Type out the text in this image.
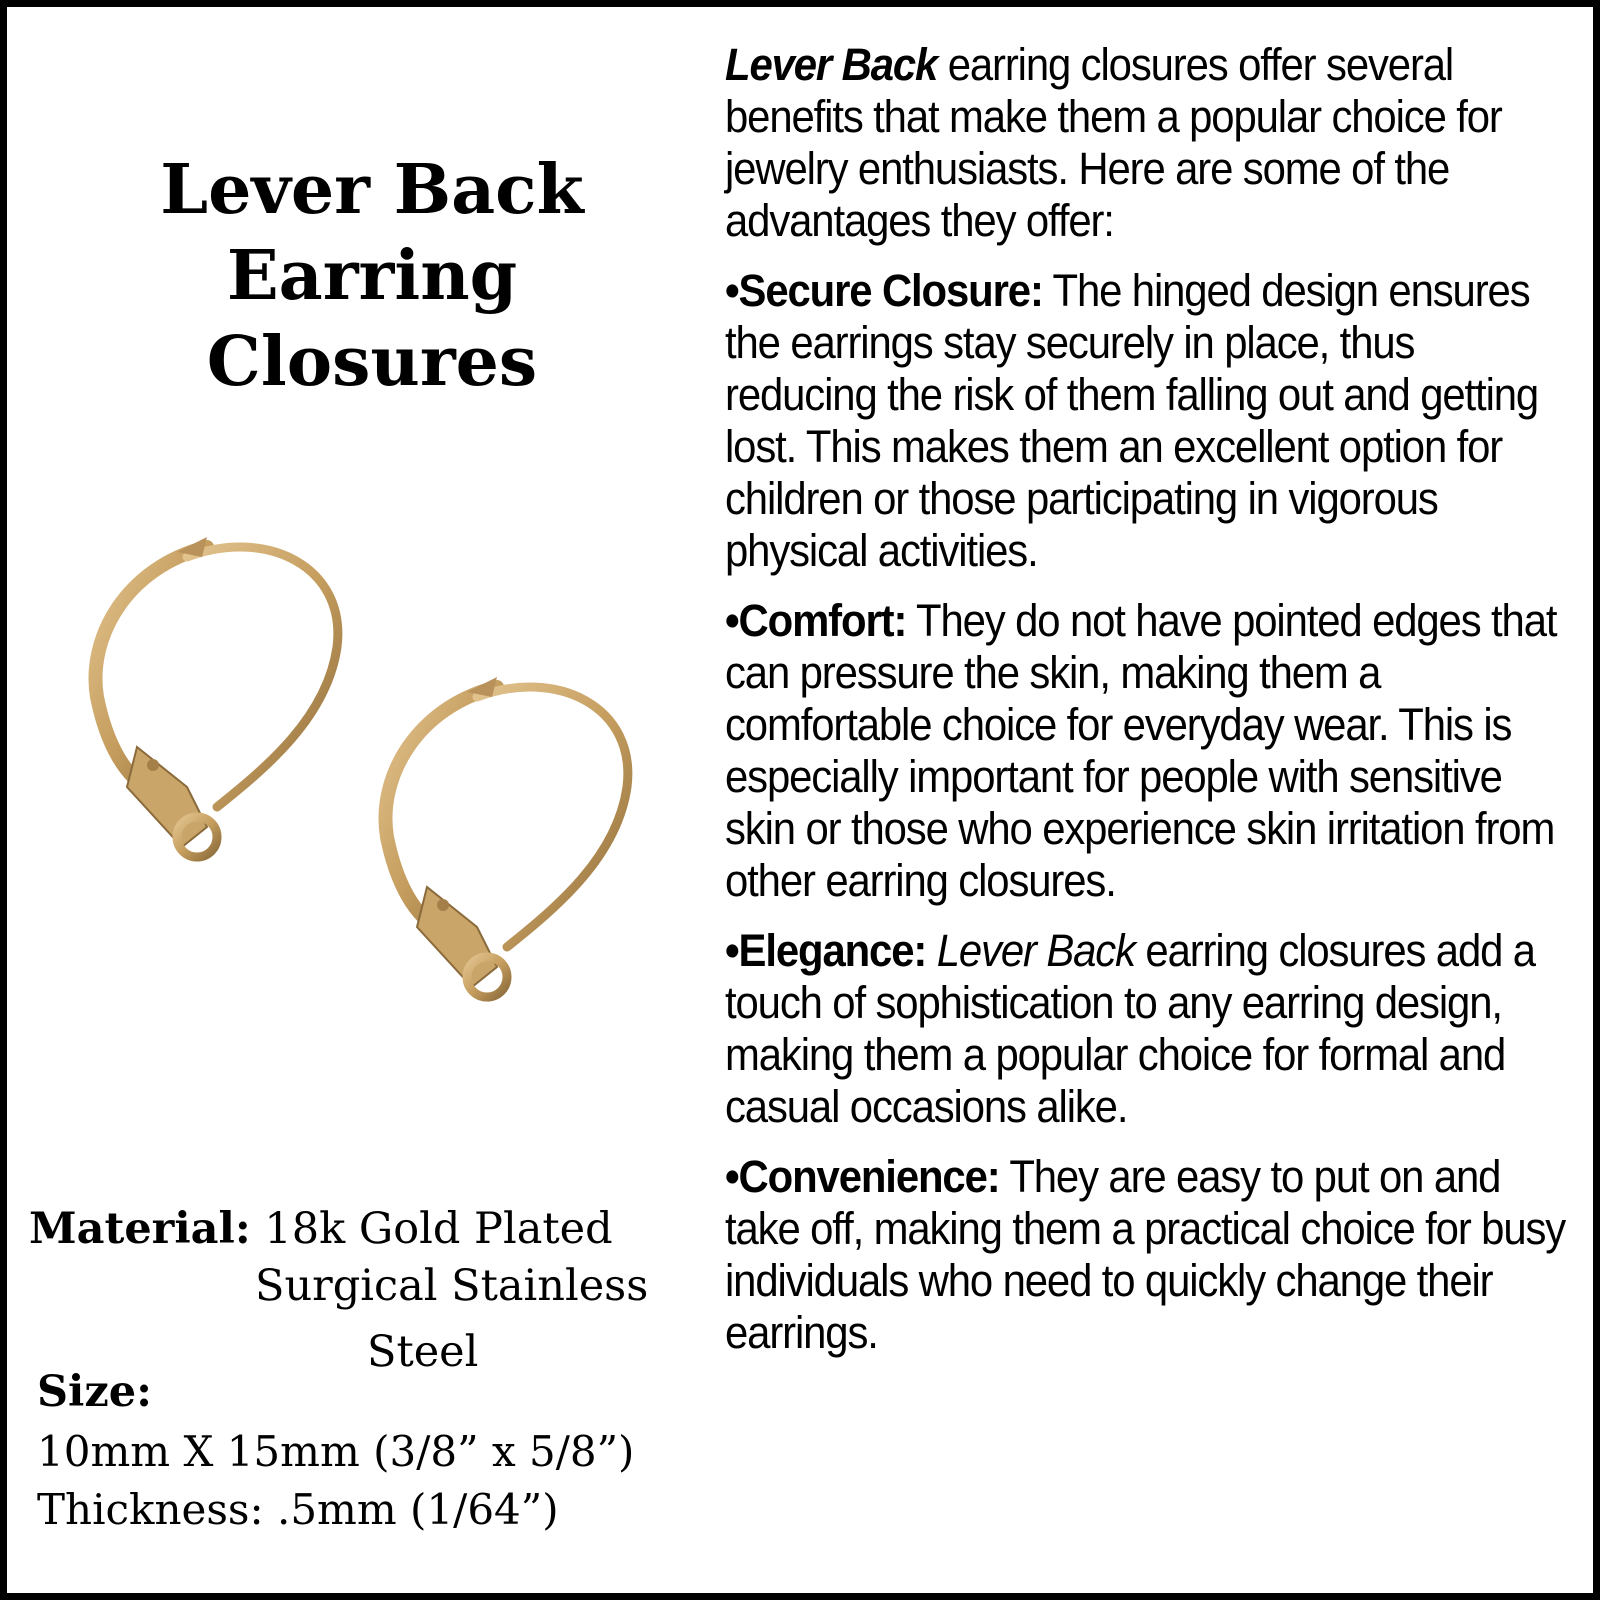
Lever Back
Earring
Closures
Material: 18k Gold Plated
Surgical Stainless
Steel
Size:
10mm X 15mm (3/8” x 5/8”)
Thickness: .5mm (1/64”)

Lever Back earring closures offer several benefits that make them a popular choice for jewelry enthusiasts. Here are some of the advantages they offer:

•Secure Closure: The hinged design ensures the earrings stay securely in place, thus reducing the risk of them falling out and getting lost. This makes them an excellent option for children or those participating in vigorous physical activities.

•Comfort: They do not have pointed edges that can pressure the skin, making them a comfortable choice for everyday wear. This is especially important for people with sensitive skin or those who experience skin irritation from other earring closures.

•Elegance: Lever Back earring closures add a touch of sophistication to any earring design, making them a popular choice for formal and casual occasions alike.

•Convenience: They are easy to put on and take off, making them a practical choice for busy individuals who need to quickly change their earrings.
